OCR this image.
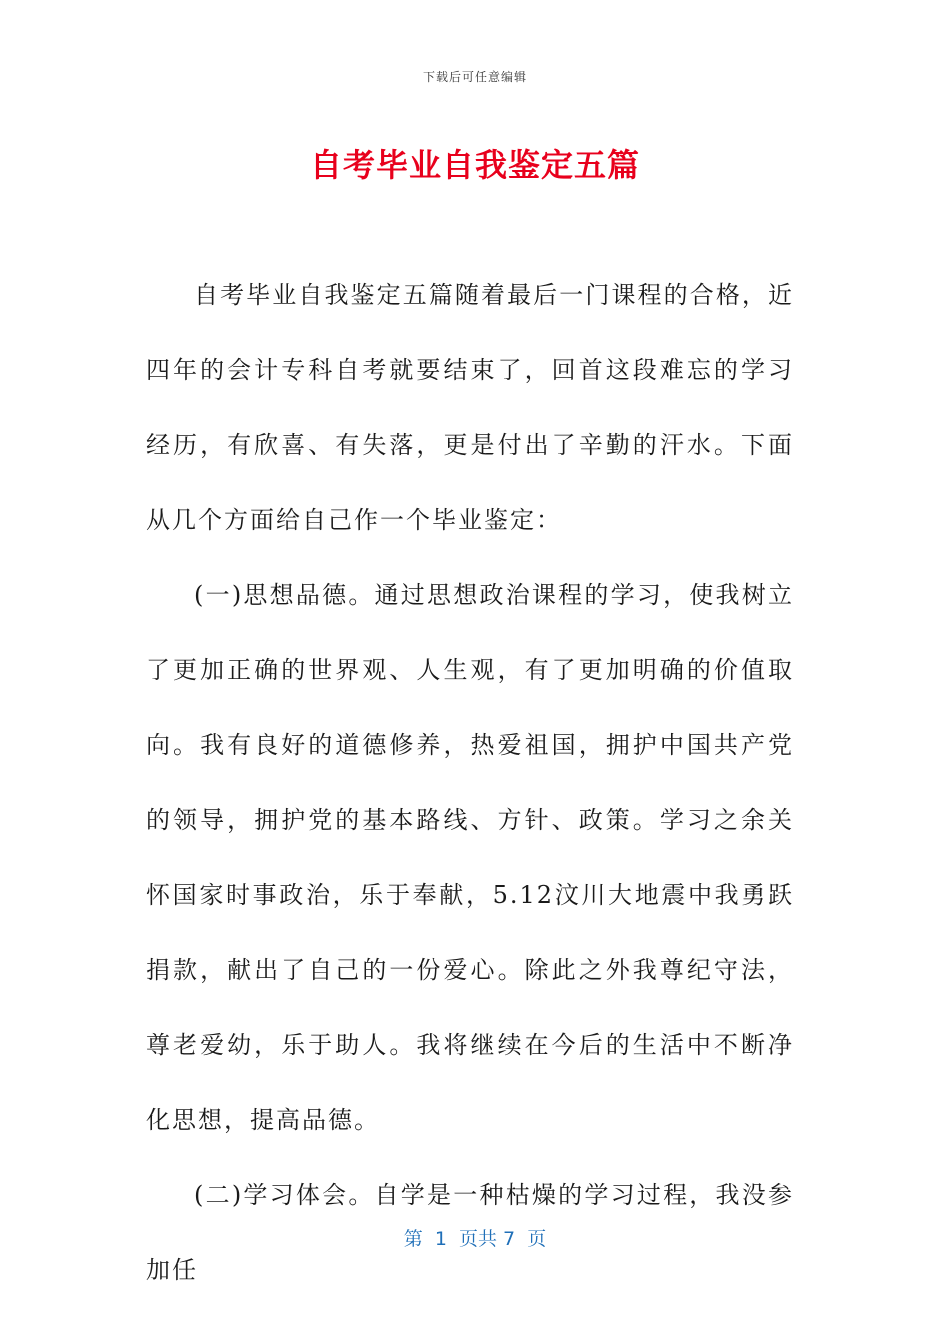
下载后可任意编辑
自考毕业自我鉴定五篇

自考毕业自我鉴定五篇随着最后一门课程的合格，近四年的会计专科自考就要结束了，回首这段难忘的学习经历，有欣喜、有失落，更是付出了辛勤的汗水。下面从几个方面给自己作一个毕业鉴定：

(一)思想品德。通过思想政治课程的学习，使我树立了更加正确的世界观、人生观，有了更加明确的价值取向。我有良好的道德修养，热爱祖国，拥护中国共产党的领导，拥护党的基本路线、方针、政策。学习之余关怀国家时事政治，乐于奉献，5.12汶川大地震中我勇跃捐款，献出了自己的一份爱心。除此之外我尊纪守法，尊老爱幼，乐于助人。我将继续在今后的生活中不断净化思想，提高品德。

(二)学习体会。自学是一种枯燥的学习过程，我没参加任

第  1  页共 7  页
